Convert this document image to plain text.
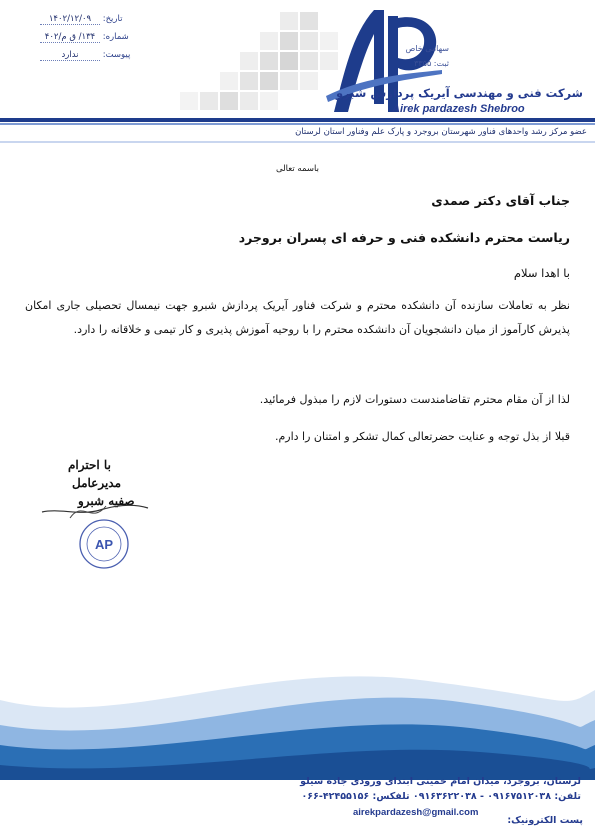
تاریخ: ۱۴۰۲/۱۲/۰۹
شماره: ۱۳۴/ ق م/۴۰۲
پیوست: ندارد
سهامی خاص
ثبت: ۳۳۵۵
شرکت فنی و مهندسی آیریک پردازش شبرو
Airek pardazesh Shebroo
عضو مرکز رشد واحدهای فناور شهرستان بروجرد و پارک علم وفناور استان لرستان
باسمه تعالی
جناب آقای دکتر صمدی
ریاست محترم دانشکده فنی و حرفه ای پسران بروجرد
با اهدا سلام
نظر به تعاملات سازنده آن دانشکده محترم و شرکت فناور آیریک پردازش شبرو جهت نیمسال تحصیلی جاری امکان پذیرش کارآموز از میان دانشجویان آن دانشکده محترم را با روحیه آموزش پذیری و کار تیمی و خلاقانه را دارد.
لذا از آن مقام محترم تقاضامندست دستورات لازم را مبذول فرمائید.
قبلا از بذل توجه و عنایت حضرتعالی کمال تشکر و امتنان را دارم.
با احترام
مدیرعامل
صفیه شبرو
AP
لرستان، بروجرد، میدان امام خمینی ابتدای ورودی جاده سیلو
تلفن: ۰۹۱۶۷۵۱۲۰۳۸ - ۰۹۱۶۳۶۲۲۰۳۸ تلفکس: ۴۲۴۵۵۱۵۶-۰۶۶
پست الکترونیک:
airekpardazesh@gmail.com
